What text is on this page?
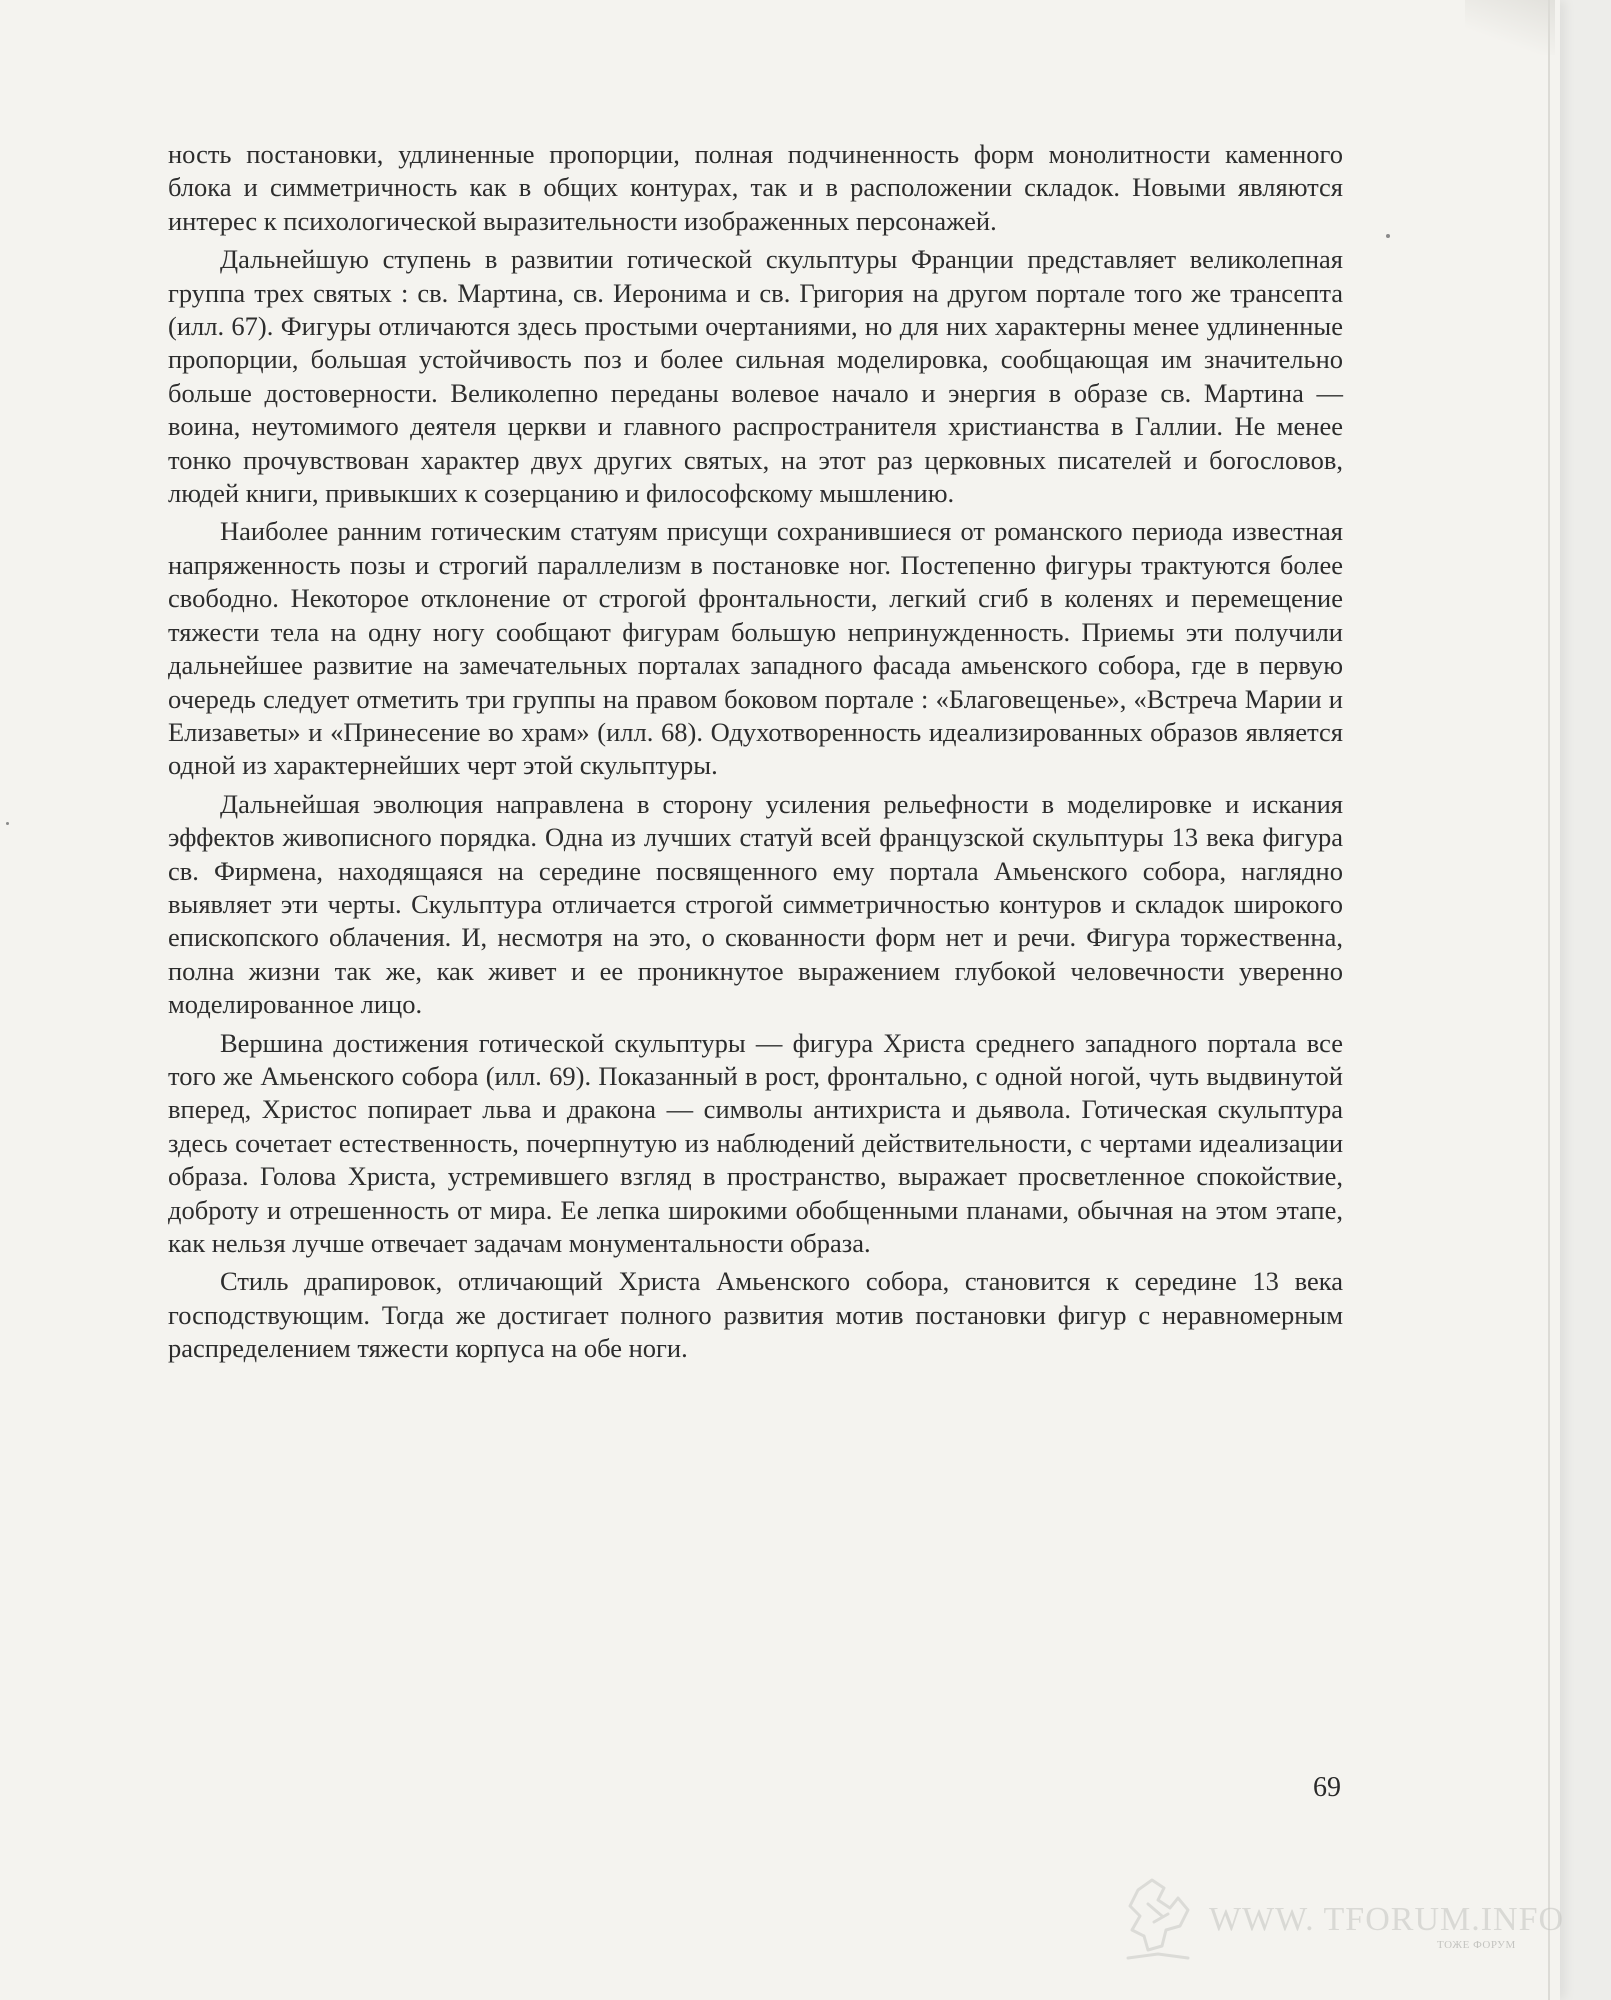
ность постановки, удлиненные пропорции, полная подчиненность форм монолитности каменного блока и симметричность как в общих контурах, так и в расположении складок. Новыми являются интерес к психологической выразительности изображенных персонажей.

Дальнейшую ступень в развитии готической скульптуры Франции представляет великолепная группа трех святых : св. Мартина, св. Иеронима и св. Григория на другом портале того же трансепта (илл. 67). Фигуры отличаются здесь простыми очертаниями, но для них характерны менее удлиненные пропорции, большая устойчивость поз и более сильная моделировка, сообщающая им значительно больше достоверности. Великолепно переданы волевое начало и энергия в образе св. Мартина — воина, неутомимого деятеля церкви и главного распространителя христианства в Галлии. Не менее тонко прочувствован характер двух других святых, на этот раз церковных писателей и богословов, людей книги, привыкших к созерцанию и философскому мышлению.

Наиболее ранним готическим статуям присущи сохранившиеся от романского периода известная напряженность позы и строгий параллелизм в постановке ног. Постепенно фигуры трактуются более свободно. Некоторое отклонение от строгой фронтальности, легкий сгиб в коленях и перемещение тяжести тела на одну ногу сообщают фигурам большую непринужденность. Приемы эти получили дальнейшее развитие на замечательных порталах западного фасада амьенского собора, где в первую очередь следует отметить три группы на правом боковом портале : «Благовещенье», «Встреча Марии и Елизаветы» и «Принесение во храм» (илл. 68). Одухотворенность идеализированных образов является одной из характернейших черт этой скульптуры.

Дальнейшая эволюция направлена в сторону усиления рельефности в моделировке и искания эффектов живописного порядка. Одна из лучших статуй всей французской скульптуры 13 века фигура св. Фирмена, находящаяся на середине посвященного ему портала Амьенского собора, наглядно выявляет эти черты. Скульптура отличается строгой симметричностью контуров и складок широкого епископского облачения. И, несмотря на это, о скованности форм нет и речи. Фигура торжественна, полна жизни так же, как живет и ее проникнутое выражением глубокой человечности уверенно моделированное лицо.

Вершина достижения готической скульптуры — фигура Христа среднего западного портала все того же Амьенского собора (илл. 69). Показанный в рост, фронтально, с одной ногой, чуть выдвинутой вперед, Христос попирает льва и дракона — символы антихриста и дьявола. Готическая скульптура здесь сочетает естественность, почерпнутую из наблюдений действительности, с чертами идеализации образа. Голова Христа, устремившего взгляд в пространство, выражает просветленное спокойствие, доброту и отрешенность от мира. Ее лепка широкими обобщенными планами, обычная на этом этапе, как нельзя лучше отвечает задачам монументальности образа.

Стиль драпировок, отличающий Христа Амьенского собора, становится к середине 13 века господствующим. Тогда же достигает полного развития мотив постановки фигур с неравномерным распределением тяжести корпуса на обе ноги.

69
WWW. TFORUM.INFO
ТОЖЕ ФОРУМ
